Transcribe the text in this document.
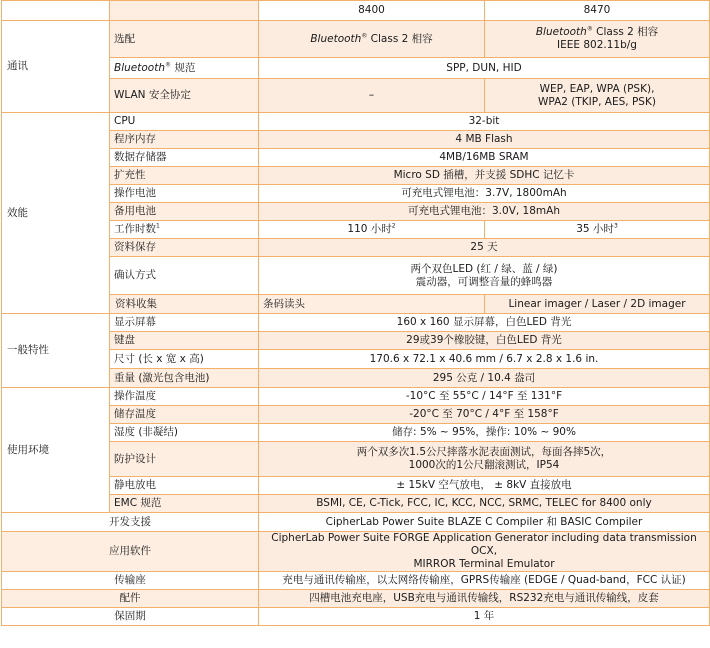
		8400	8470
通讯	选配	Bluetooth® Class 2 相容	Bluetooth® Class 2 相容
IEEE 802.11b/g
	Bluetooth® 规范	SPP, DUN, HID	
	WLAN 安全协定	–	WEP, EAP, WPA (PSK),
WPA2 (TKIP, AES, PSK)
效能	CPU	32-bit	
	程序内存	4 MB Flash	
	数据存储器	4MB/16MB SRAM	
	扩充性	Micro SD 插槽，并支援 SDHC 记忆卡	
	操作电池	可充电式锂电池：3.7V, 1800mAh	
	备用电池	可充电式锂电池：3.0V, 18mAh	
	工作时数$^1$	110 小时$^2$	35 小时$^3$
	资料保存	25 天	
	确认方式	两个双色LED (红 / 绿、蓝 / 绿)
震动器，可调整音量的蜂鸣器	
	资料收集	条码读头	Linear imager / Laser / 2D imager
一般特性	显示屏幕	160 x 160 显示屏幕，白色LED 背光	
	键盘	29或39个橡胶键，白色LED 背光	
	尺寸 (长 x 宽 x 高)	170.6 x 72.1 x 40.6 mm / 6.7 x 2.8 x 1.6 in.	
	重量 (激光包含电池)	295 公克 / 10.4 盎司	
使用环境	操作温度	-10°C 至 55°C / 14°F 至 131°F	
	储存温度	-20°C 至 70°C / 4°F 至 158°F	
	湿度 (非凝结)	储存: 5% ~ 95%，操作: 10% ~ 90%	
	防护设计	两个双多次1.5公尺摔落水泥表面测试，每面各摔5次，
1000次的1公尺翻滚测试，IP54	
	静电放电	± 15kV 空气放电， ± 8kV 直接放电	
	EMC 规范	BSMI, CE, C-Tick, FCC, IC, KCC, NCC, SRMC, TELEC for 8400 only	
开发支援		CipherLab Power Suite BLAZE C Compiler 和 BASIC Compiler	
应用软件		CipherLab Power Suite FORGE Application Generator including data transmission OCX,
MIRROR Terminal Emulator	
传输座		充电与通讯传输座，以太网络传输座，GPRS传输座 (EDGE / Quad-band，FCC 认证)	
配件		四槽电池充电座，USB充电与通讯传输线，RS232充电与通讯传输线，皮套	
保固期		1 年	
